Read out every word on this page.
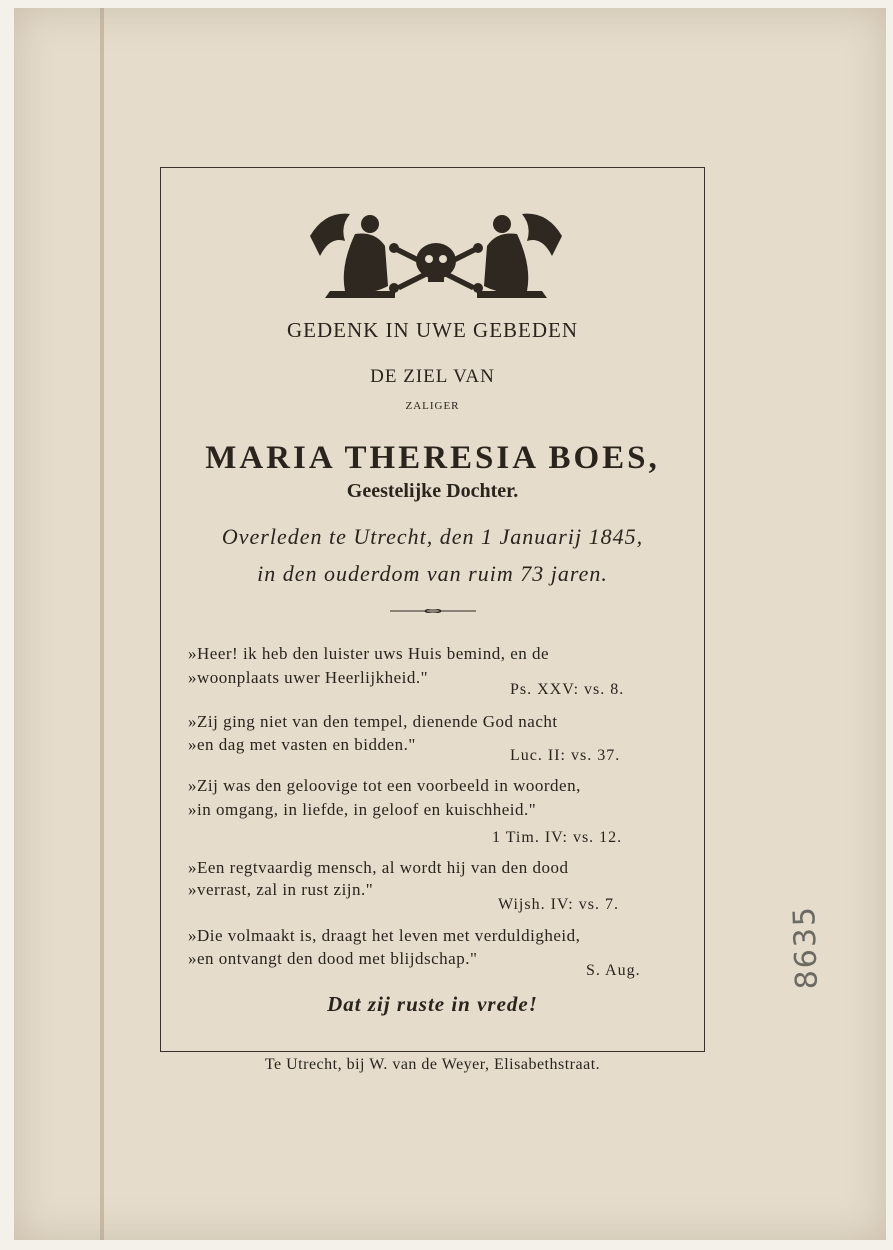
GEDENK IN UWE GEBEDEN
DE ZIEL VAN
ZALIGER
MARIA THERESIA BOES,
Geestelijke Dochter.
Overleden te Utrecht, den 1 Januarij 1845,
in den ouderdom van ruim 73 jaren.
»Heer! ik heb den luister uws Huis bemind, en de
»woonplaats uwer Heerlijkheid."
Ps. XXV: vs. 8.
»Zij ging niet van den tempel, dienende God nacht
»en dag met vasten en bidden."
Luc. II: vs. 37.
»Zij was den geloovige tot een voorbeeld in woorden,
»in omgang, in liefde, in geloof en kuischheid."
1 Tim. IV: vs. 12.
»Een regtvaardig mensch, al wordt hij van den dood
»verrast, zal in rust zijn."
Wijsh. IV: vs. 7.
»Die volmaakt is, draagt het leven met verduldigheid,
»en ontvangt den dood met blijdschap."
S. Aug.
Dat zij ruste in vrede!
Te Utrecht, bij W. van de Weyer, Elisabethstraat.
8635
